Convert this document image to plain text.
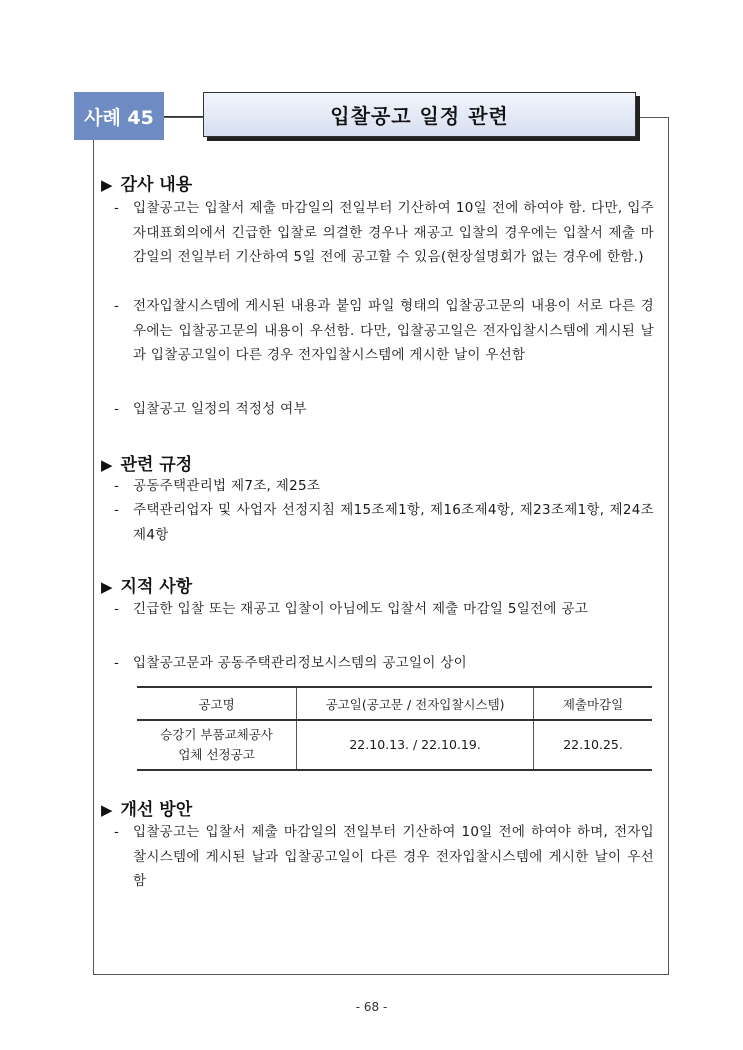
사례 45	입찰공고 일정 관련
▶ 감사 내용
-	입찰공고는 입찰서 제출 마감일의 전일부터 기산하여 10일 전에 하여야 함. 다만, 입주자대표회의에서 긴급한 입찰로 의결한 경우나 재공고 입찰의 경우에는 입찰서 제출 마감일의 전일부터 기산하여 5일 전에 공고할 수 있음(현장설명회가 없는 경우에 한함.)
-	전자입찰시스템에 게시된 내용과 붙임 파일 형태의 입찰공고문의 내용이 서로 다른 경우에는 입찰공고문의 내용이 우선함. 다만, 입찰공고일은 전자입찰시스템에 게시된 날과 입찰공고일이 다른 경우 전자입찰시스템에 게시한 날이 우선함
-	입찰공고 일정의 적정성 여부
▶ 관련 규정
-	공동주택관리법 제7조, 제25조
-	주택관리업자 및 사업자 선정지침 제15조제1항, 제16조제4항, 제23조제1항, 제24조제4항
▶ 지적 사항
-	긴급한 입찰 또는 재공고 입찰이 아님에도 입찰서 제출 마감일 5일전에 공고
-	입찰공고문과 공동주택관리정보시스템의 공고일이 상이
공고명	공고일(공고문 / 전자입찰시스템)	제출마감일

승강기 부품교체공사
업체 선정공고	22.10.13. / 22.10.19.	22.10.25.
▶ 개선 방안
-	입찰공고는 입찰서 제출 마감일의 전일부터 기산하여 10일 전에 하여야 하며, 전자입찰시스템에 게시된 날과 입찰공고일이 다른 경우 전자입찰시스템에 게시한 날이 우선함
- 68 -
